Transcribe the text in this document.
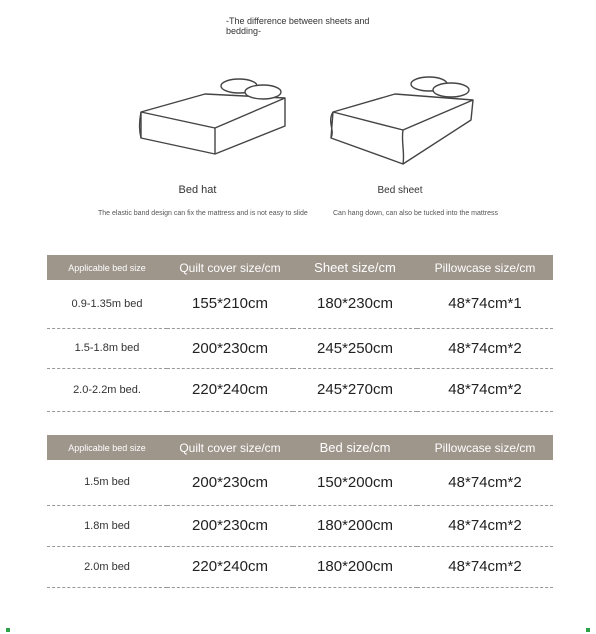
-The difference between sheets and bedding-
Bed hat	Bed sheet
The elastic band design can fix the mattress and is not easy to slide	Can hang down, can also be tucked into the mattress
Applicable bed size	Quilt cover size/cm	Sheet size/cm	Pillowcase size/cm
0.9-1.35m bed	155*210cm	180*230cm	48*74cm*1
1.5-1.8m bed	200*230cm	245*250cm	48*74cm*2
2.0-2.2m bed.	220*240cm	245*270cm	48*74cm*2
Applicable bed size	Quilt cover size/cm	Bed size/cm	Pillowcase size/cm
1.5m bed	200*230cm	150*200cm	48*74cm*2
1.8m bed	200*230cm	180*200cm	48*74cm*2
2.0m bed	220*240cm	180*200cm	48*74cm*2
